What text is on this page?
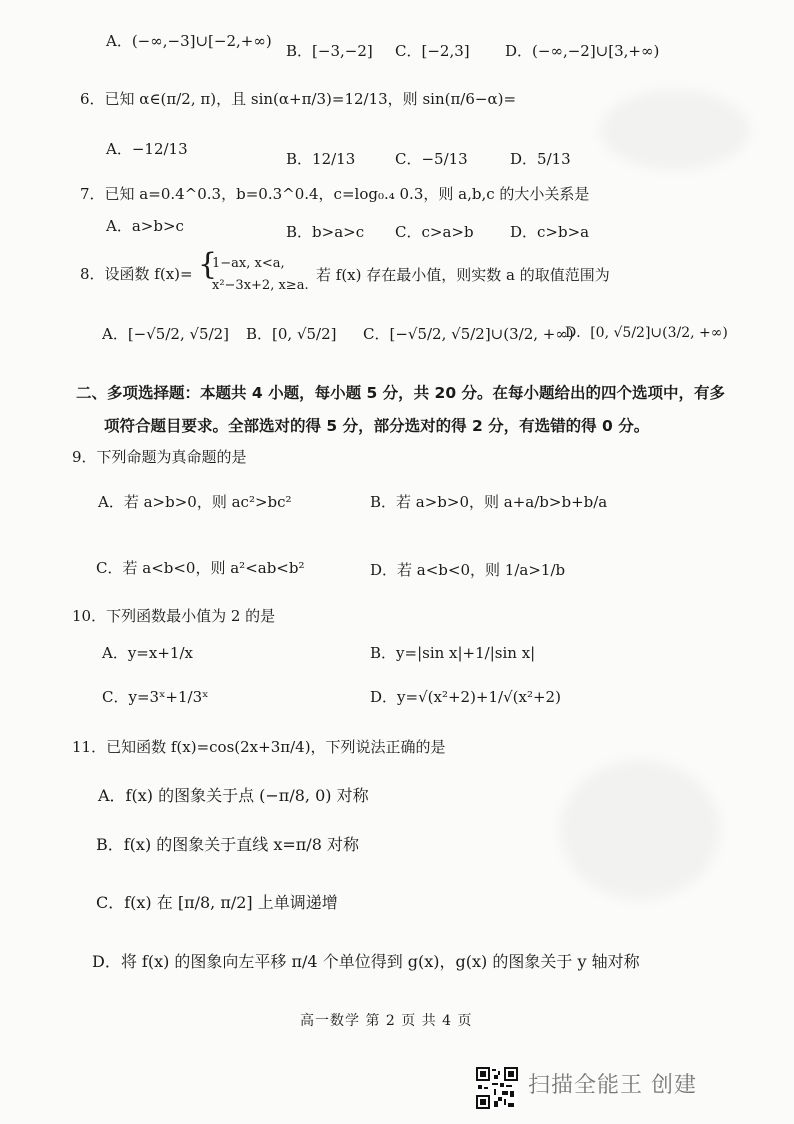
A．(−∞,−3]∪[−2,+∞)
B．[−3,−2] C．[−2,3] D．(−∞,−2]∪[3,+∞)
6．已知 α∈(π/2, π)，且 sin(α+π/3)=12/13，则 sin(π/6−α)=
A．−12/13
B．12/13	C．−5/13	D．5/13
7．已知 a=0.4^0.3，b=0.3^0.4，c=log₀.₄ 0.3，则 a,b,c 的大小关系是
A．a>b>c	B．b>a>c C．c>a>b D．c>b>a
8．设函数 f(x)= {
1−ax, x<a,
x²−3x+2, x≥a.
若 f(x) 存在最小值，则实数 a 的取值范围为
A．[−√5/2, √5/2] B．[0, √5/2] C．[−√5/2, √5/2]∪(3/2, +∞)
D．[0, √5/2]∪(3/2, +∞)
二、多项选择题：本题共 4 小题，每小题 5 分，共 20 分。在每小题给出的四个选项中，有多
项符合题目要求。全部选对的得 5 分，部分选对的得 2 分，有选错的得 0 分。
9．下列命题为真命题的是
A．若 a>b>0，则 ac²>bc²	B．若 a>b>0，则 a+a/b>b+b/a
C．若 a<b<0，则 a²<ab<b²	D．若 a<b<0，则 1/a>1/b
10．下列函数最小值为 2 的是
A．y=x+1/x	B．y=|sin x|+1/|sin x|
C．y=3ˣ+1/3ˣ	D．y=√(x²+2)+1/√(x²+2)
11．已知函数 f(x)=cos(2x+3π/4)，下列说法正确的是
A．f(x) 的图象关于点 (−π/8, 0) 对称
B．f(x) 的图象关于直线 x=π/8 对称
C．f(x) 在 [π/8, π/2] 上单调递增
D．将 f(x) 的图象向左平移 π/4 个单位得到 g(x)，g(x) 的图象关于 y 轴对称
高一数学 第 2 页 共 4 页
扫描全能王 创建
